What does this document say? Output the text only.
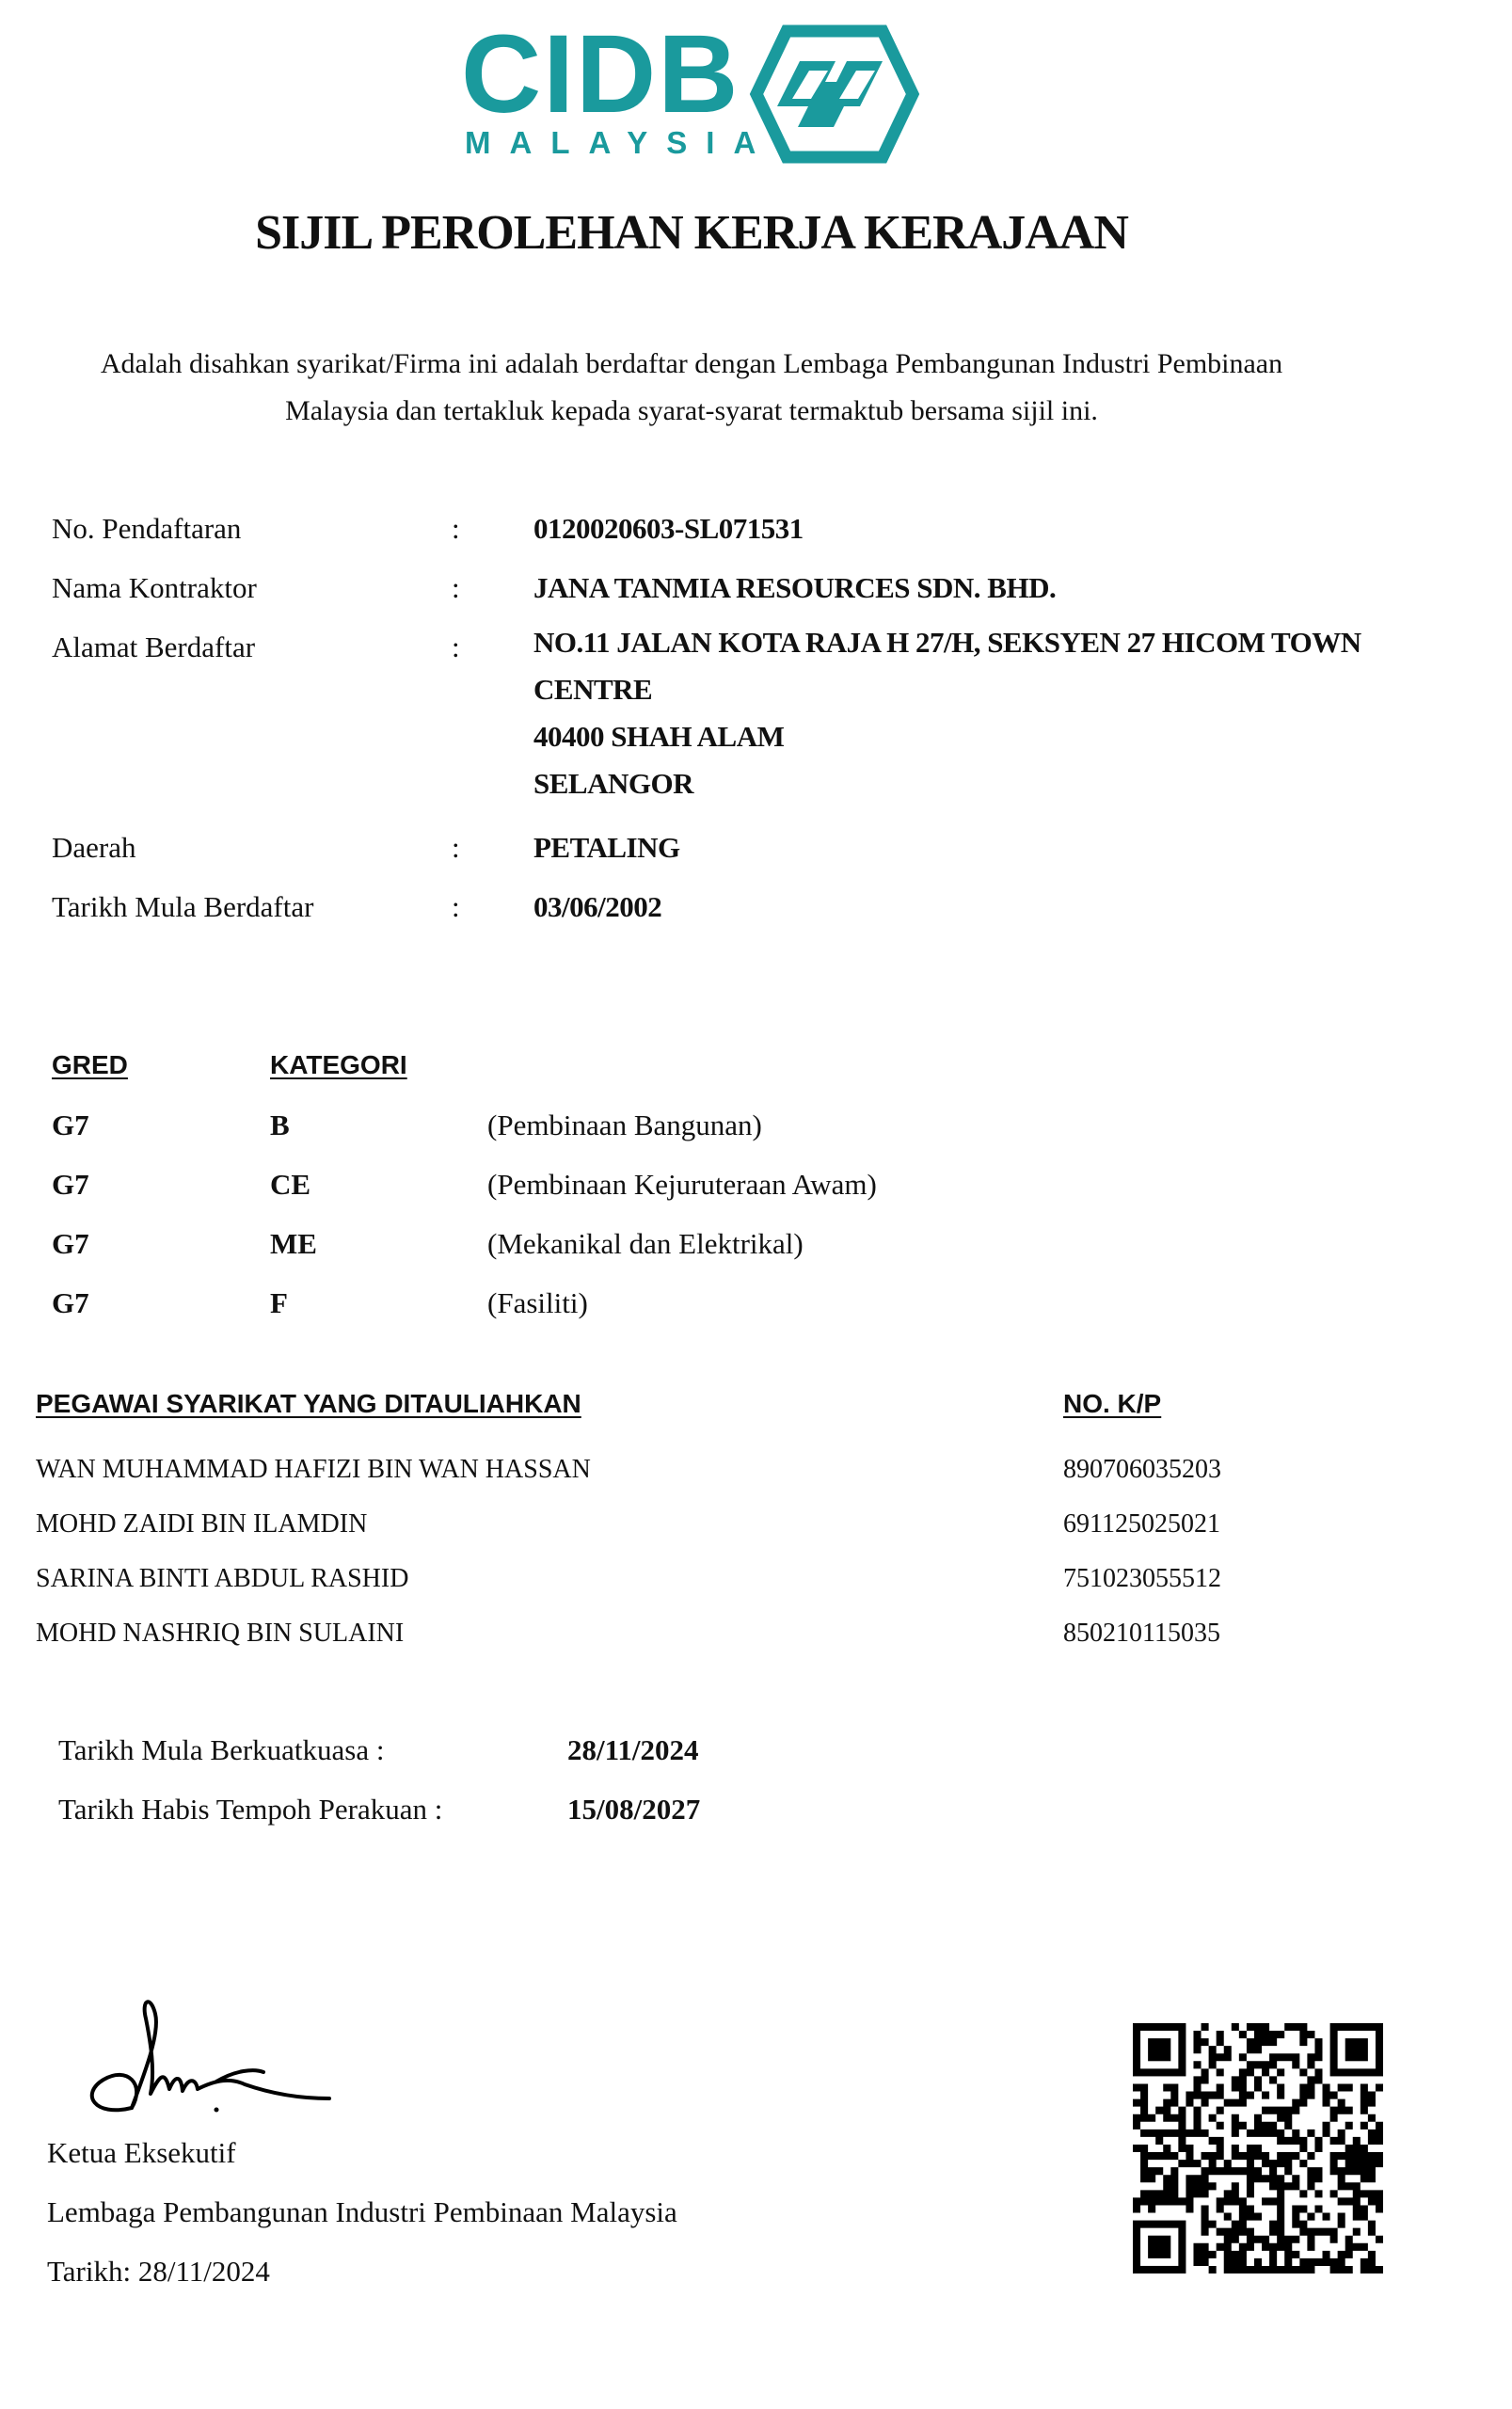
CIDB
MALAYSIA
SIJIL PEROLEHAN KERJA KERAJAAN
Adalah disahkan syarikat/Firma ini adalah berdaftar dengan Lembaga Pembangunan Industri Pembinaan
Malaysia dan tertakluk kepada syarat-syarat termaktub bersama sijil ini.
No. Pendaftaran	:	0120020603-SL071531
Nama Kontraktor	:	JANA TANMIA RESOURCES SDN. BHD.
Alamat Berdaftar	:	NO.11 JALAN KOTA RAJA H 27/H, SEKSYEN 27 HICOM TOWN
CENTRE
40400 SHAH ALAM
SELANGOR
Daerah	:	PETALING
Tarikh Mula Berdaftar	:	03/06/2002
GRED	KATEGORI
G7	B	(Pembinaan Bangunan)
G7	CE	(Pembinaan Kejuruteraan Awam)
G7	ME	(Mekanikal dan Elektrikal)
G7	F	(Fasiliti)
PEGAWAI SYARIKAT YANG DITAULIAHKAN	NO. K/P
WAN MUHAMMAD HAFIZI BIN WAN HASSAN	890706035203
MOHD ZAIDI BIN ILAMDIN	691125025021
SARINA BINTI ABDUL RASHID	751023055512
MOHD NASHRIQ BIN SULAINI	850210115035
Tarikh Mula Berkuatkuasa :	28/11/2024
Tarikh Habis Tempoh Perakuan :	15/08/2027
Ketua Eksekutif
Lembaga Pembangunan Industri Pembinaan Malaysia
Tarikh: 28/11/2024
